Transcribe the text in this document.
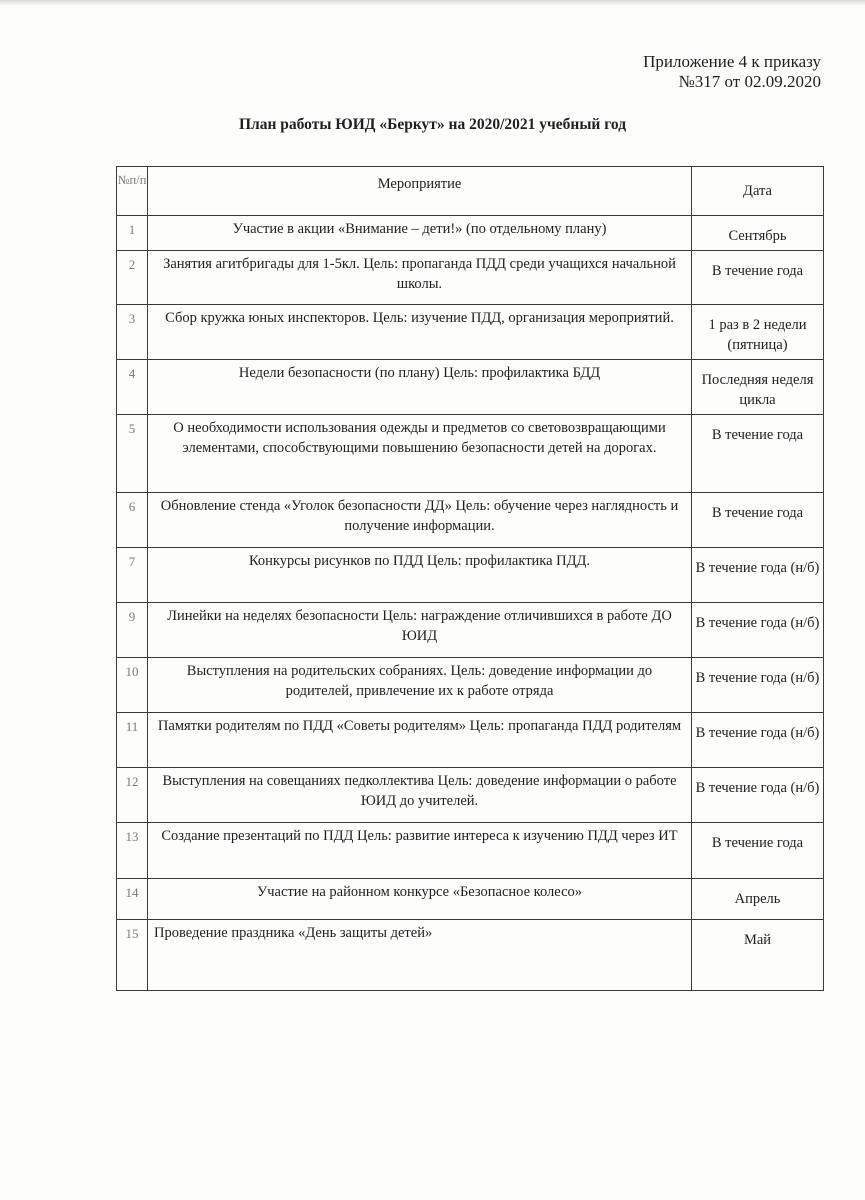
Приложение 4 к приказу
№317 от 02.09.2020
План работы ЮИД «Беркут» на 2020/2021 учебный год
№п/п	Мероприятие	Дата
1	Участие в акции «Внимание – дети!» (по отдельному плану)	Сентябрь
2	Занятия агитбригады для 1-5кл. Цель: пропаганда ПДД среди учащихся начальной школы.	В течение года
3	Сбор кружка юных инспекторов. Цель: изучение ПДД, организация мероприятий.	1 раз в 2 недели (пятница)
4	Недели безопасности (по плану) Цель: профилактика БДД	Последняя неделя цикла
5	О необходимости использования одежды и предметов со световозвращающими элементами, способствующими повышению безопасности детей на дорогах.	В течение года
6	Обновление стенда «Уголок безопасности ДД» Цель: обучение через наглядность и получение информации.	В течение года
7	Конкурсы рисунков по ПДД Цель: профилактика ПДД.	В течение года (н/б)
9	Линейки на неделях безопасности Цель: награждение отличившихся в работе ДО ЮИД	В течение года (н/б)
10	Выступления на родительских собраниях. Цель: доведение информации до родителей, привлечение их к работе отряда	В течение года (н/б)
11	Памятки родителям по ПДД «Советы родителям» Цель: пропаганда ПДД родителям	В течение года (н/б)
12	Выступления на совещаниях педколлектива Цель: доведение информации о работе ЮИД до учителей.	В течение года (н/б)
13	Создание презентаций по ПДД Цель: развитие интереса к изучению ПДД через ИТ	В течение года
14	Участие на районном конкурсе «Безопасное колесо»	Апрель
15	Проведение праздника «День защиты детей»	Май
